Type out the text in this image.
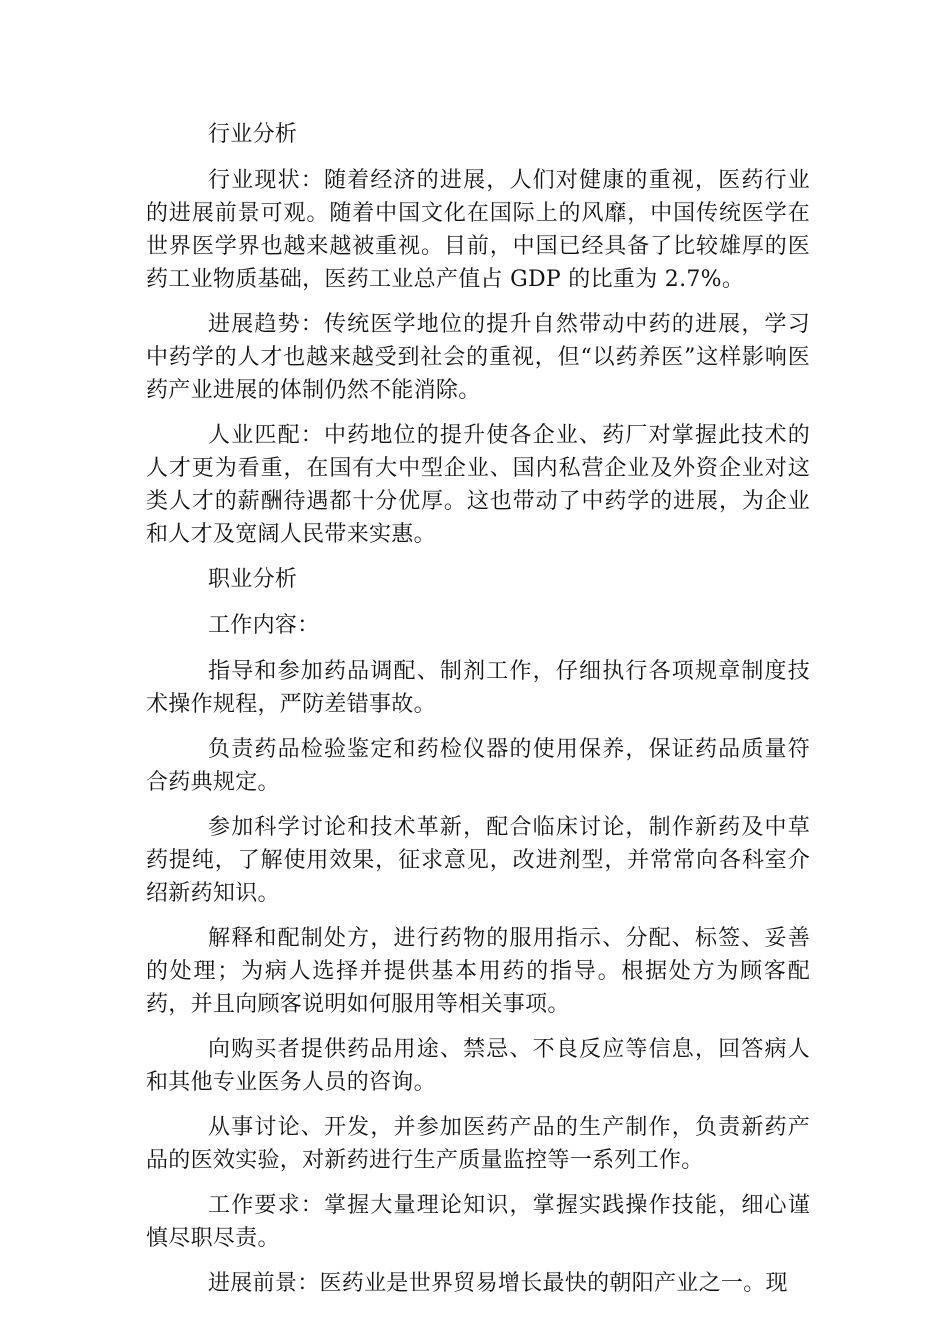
行业分析

行业现状：随着经济的进展，人们对健康的重视，医药行业的进展前景可观。随着中国文化在国际上的风靡，中国传统医学在世界医学界也越来越被重视。目前，中国已经具备了比较雄厚的医药工业物质基础，医药工业总产值占 GDP 的比重为 2.7%。

进展趋势：传统医学地位的提升自然带动中药的进展，学习中药学的人才也越来越受到社会的重视，但“以药养医”这样影响医药产业进展的体制仍然不能消除。

人业匹配：中药地位的提升使各企业、药厂对掌握此技术的人才更为看重，在国有大中型企业、国内私营企业及外资企业对这类人才的薪酬待遇都十分优厚。这也带动了中药学的进展，为企业和人才及宽阔人民带来实惠。

职业分析

工作内容：

指导和参加药品调配、制剂工作，仔细执行各项规章制度技术操作规程，严防差错事故。

负责药品检验鉴定和药检仪器的使用保养，保证药品质量符合药典规定。

参加科学讨论和技术革新，配合临床讨论，制作新药及中草药提纯，了解使用效果，征求意见，改进剂型，并常常向各科室介绍新药知识。

解释和配制处方，进行药物的服用指示、分配、标签、妥善的处理；为病人选择并提供基本用药的指导。根据处方为顾客配药，并且向顾客说明如何服用等相关事项。

向购买者提供药品用途、禁忌、不良反应等信息，回答病人和其他专业医务人员的咨询。

从事讨论、开发，并参加医药产品的生产制作，负责新药产品的医效实验，对新药进行生产质量监控等一系列工作。

工作要求：掌握大量理论知识，掌握实践操作技能，细心谨慎尽职尽责。

进展前景：医药业是世界贸易增长最快的朝阳产业之一。现
